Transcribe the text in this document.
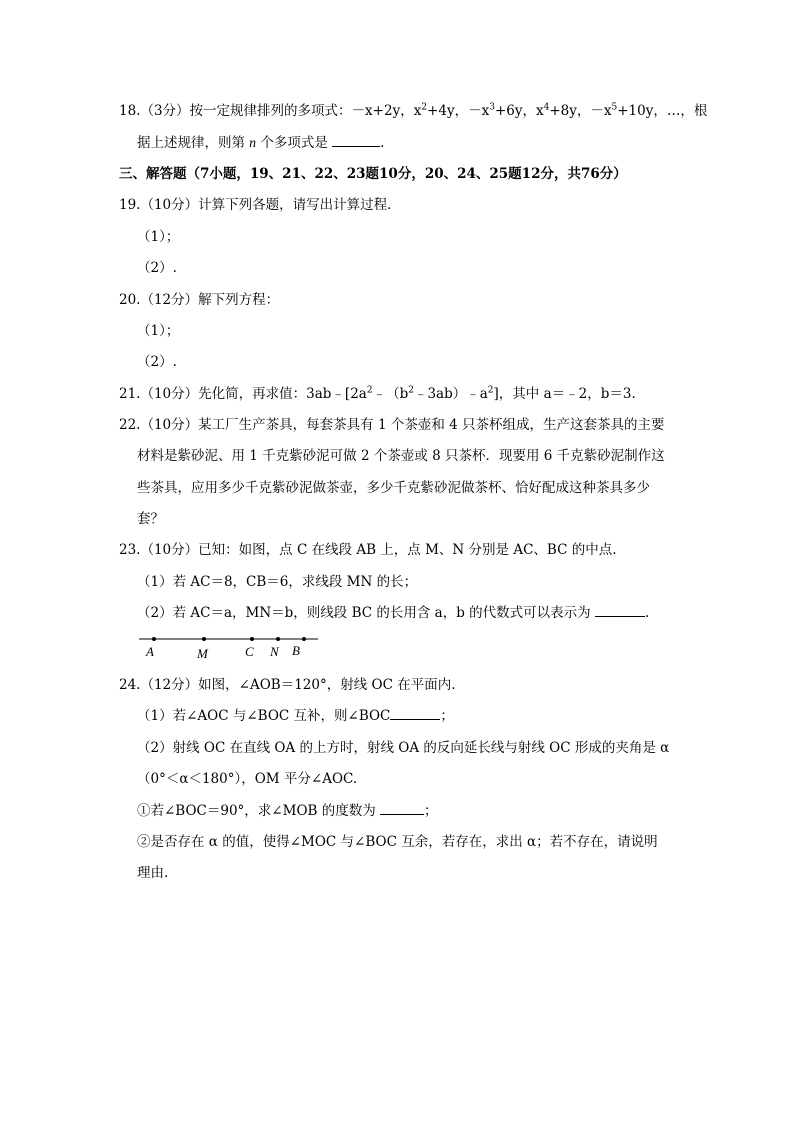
18.（3分）按一定规律排列的多项式：－x+2y，$x^2+4y$，$-x^3+6y$，$x^4+8y$，$-x^5+10y$，…，根
据上述规律，则第 n 个多项式是	.
三、解答题（7小题，19、21、22、23题10分，20、24、25题12分，共76分）
19.（10分）计算下列各题，请写出计算过程．
（1）；
（2）.
20.（12分）解下列方程：
（1）；
（2）.
21.（10分）先化简，再求值：$3ab﹣[2a^2﹣(b^2﹣3ab)﹣a^2]$，其中 a＝﹣2，b＝3.
22.（10分）某工厂生产茶具，每套茶具有 1 个茶壶和 4 只茶杯组成，生产这套茶具的主要
材料是紫砂泥、用 1 千克紫砂泥可做 2 个茶壶或 8 只茶杯．现要用 6 千克紫砂泥制作这
些茶具，应用多少千克紫砂泥做茶壶，多少千克紫砂泥做茶杯、恰好配成这种茶具多少
套？
23.（10分）已知：如图，点 C 在线段 AB 上，点 M、N 分别是 AC、BC 的中点.
（1）若 AC＝8，CB＝6，求线段 MN 的长；
（2）若 AC＝a，MN＝b，则线段 BC 的长用含 a，b 的代数式可以表示为	.
A	M	C N B
24.（12分）如图，∠AOB＝120°，射线 OC 在平面内.
（1）若∠AOC 与∠BOC 互补，则∠BOC	；
（2）射线 OC 在直线 OA 的上方时，射线 OA 的反向延长线与射线 OC 形成的夹角是 α
（0°＜α＜180°），OM 平分∠AOC.
①若∠BOC＝90°，求∠MOB 的度数为	；
②是否存在 α 的值，使得∠MOC 与∠BOC 互余，若存在，求出 α；若不存在，请说明
理由.
